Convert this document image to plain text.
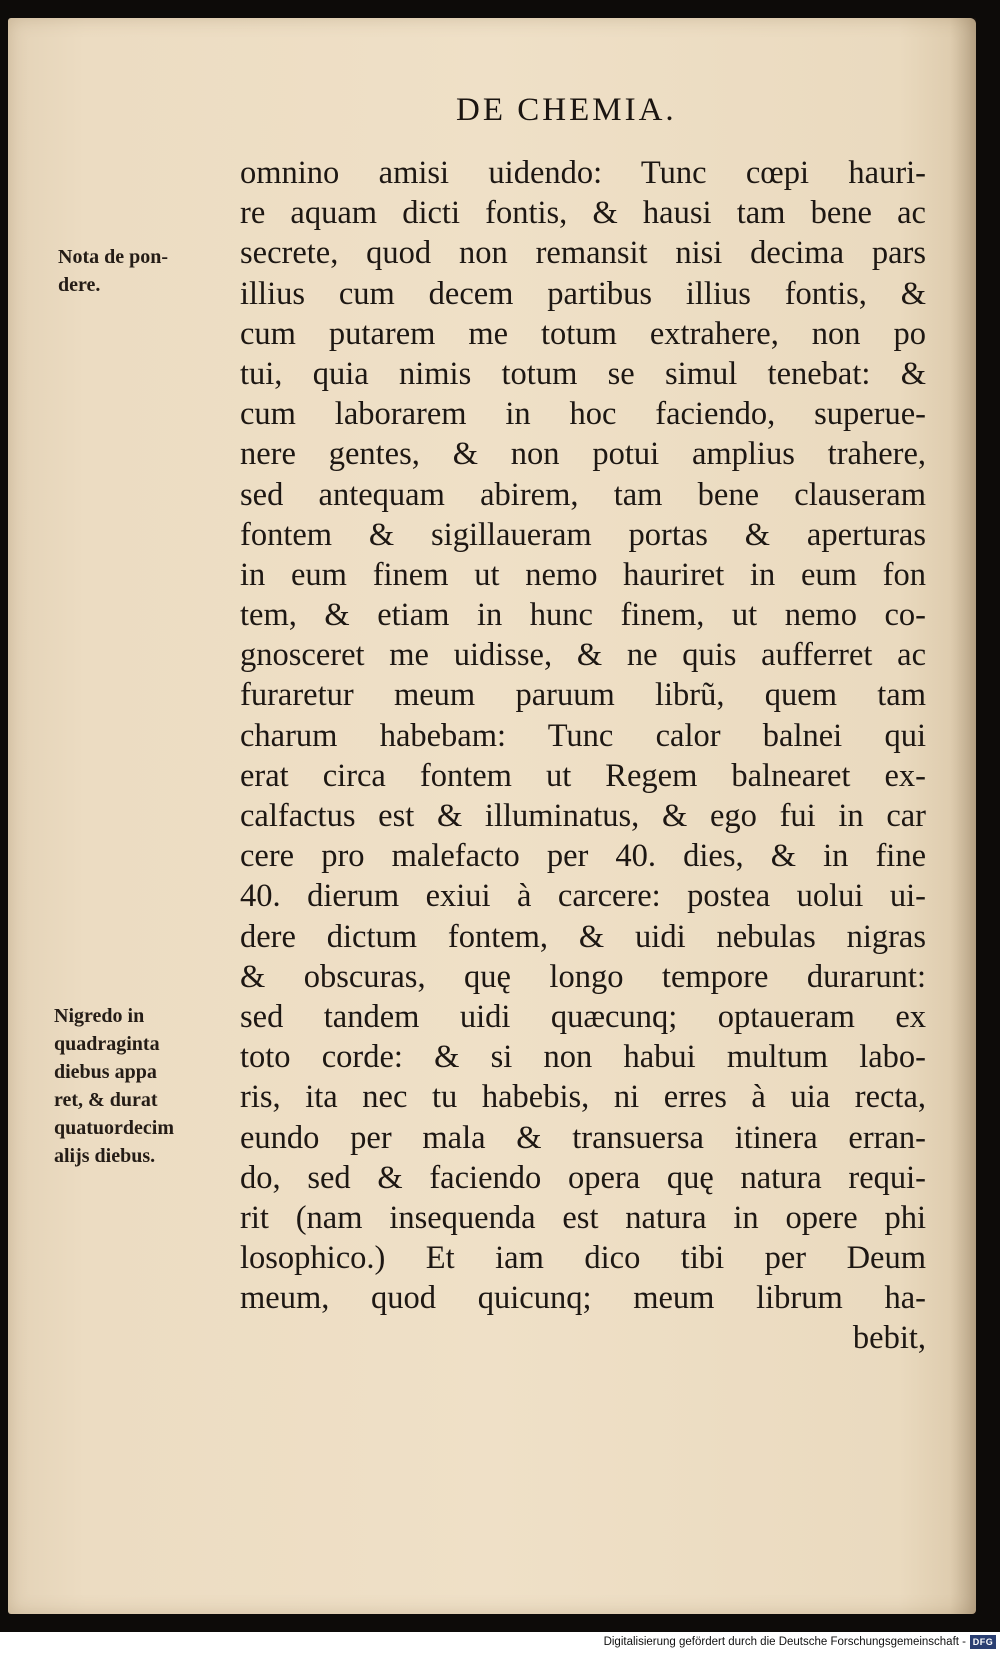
DE CHEMIA.
Nota de pon-
dere.
Nigredo in
quadraginta
diebus appa
ret, & durat
quatuordecim
alijs diebus.
omnino amisi uidendo: Tunc cœpi hauri-
re aquam dicti fontis, & hausi tam bene ac
secrete, quod non remansit nisi decima pars
illius cum decem partibus illius fontis, &
cum putarem me totum extrahere, non po
tui, quia nimis totum se simul tenebat: &
cum laborarem in hoc faciendo, superue-
nere gentes, & non potui amplius trahere,
sed antequam abirem, tam bene clauseram
fontem & sigillaueram portas & aperturas
in eum finem ut nemo hauriret in eum fon
tem, & etiam in hunc finem, ut nemo co-
gnosceret me uidisse, & ne quis aufferret ac
furaretur meum paruum librũ, quem tam
charum habebam: Tunc calor balnei qui
erat circa fontem ut Regem balnearet ex-
calfactus est & illuminatus, & ego fui in car
cere pro malefacto per 40. dies, & in fine
40. dierum exiui à carcere: postea uolui ui-
dere dictum fontem, & uidi nebulas nigras
& obscuras, quę longo tempore durarunt:
sed tandem uidi quæcunq; optaueram ex
toto corde: & si non habui multum labo-
ris, ita nec tu habebis, ni erres à uia recta,
eundo per mala & transuersa itinera erran-
do, sed & faciendo opera quę natura requi-
rit (nam insequenda est natura in opere phi
losophico.) Et iam dico tibi per Deum
meum, quod quicunq; meum librum ha-
bebit,
Digitalisierung gefördert durch die Deutsche Forschungsgemeinschaft - DFG
